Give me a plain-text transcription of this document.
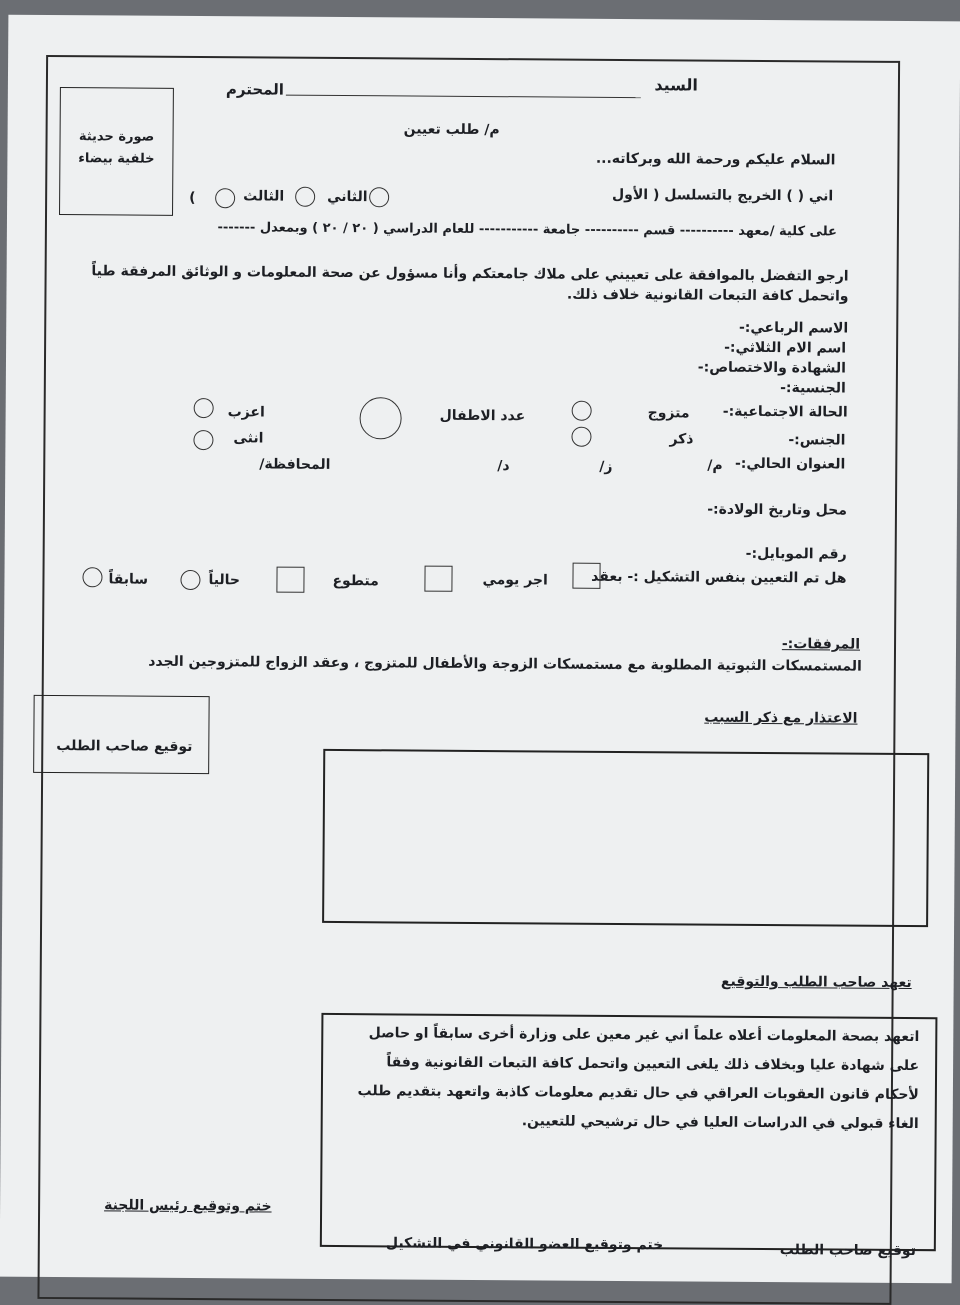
السيد
المحترم
صورة حديثة خلفية بيضاء
م/ طلب تعيين
السلام عليكم ورحمة الله وبركاته...
اني ( ) الخريج بالتسلسل ( الأول
الثاني
الثالث
)
على كلية /معهد ---------- قسم ---------- جامعة ----------- للعام الدراسي ( ٢٠ / ٢٠ ) وبمعدل -------
ارجو التفضل بالموافقة على تعييني على ملاك جامعتكم وأنا مسؤول عن صحة المعلومات و الوثائق المرفقة طياً واتحمل كافة التبعات القانونية خلاف ذلك.
الاسم الرباعي:-
اسم الام الثلاثي:-
الشهادة والاختصاص:-
الجنسية:-
الحالة الاجتماعية:-
متزوج
عدد الاطفال
اعزب
الجنس:-
ذكر
انثى
العنوان الحالي:-
م/
ز/
د/
المحافظة/
محل وتاريخ الولادة:-
رقم الموبايل:-
هل تم التعيين بنفس التشكيل :- بعقد
اجر يومي
متطوع
حالياً
سابقاً
المرفقات:-
المستمسكات الثبوتية المطلوبة مع مستمسكات الزوجة والأطفال للمتزوج ، وعقد الزواج للمتزوجين الجدد
توقيع صاحب الطلب
الاعتذار مع ذكر السبب
تعهد صاحب الطلب والتوقيع
اتعهد بصحة المعلومات أعلاه علماً اني غير معين على وزارة أخرى سابقاً او حاصل على شهادة عليا وبخلاف ذلك يلغى التعيين واتحمل كافة التبعات القانونية وفقاً لأحكام قانون العقوبات العراقي في حال تقديم معلومات كاذبة واتعهد بتقديم طلب الغاء قبولي في الدراسات العليا في حال ترشيحي للتعيين.
ختم وتوقيع رئيس اللجنة
ختم وتوقيع العضو القانوني في التشكيل	توقيع صاحب الطلب
